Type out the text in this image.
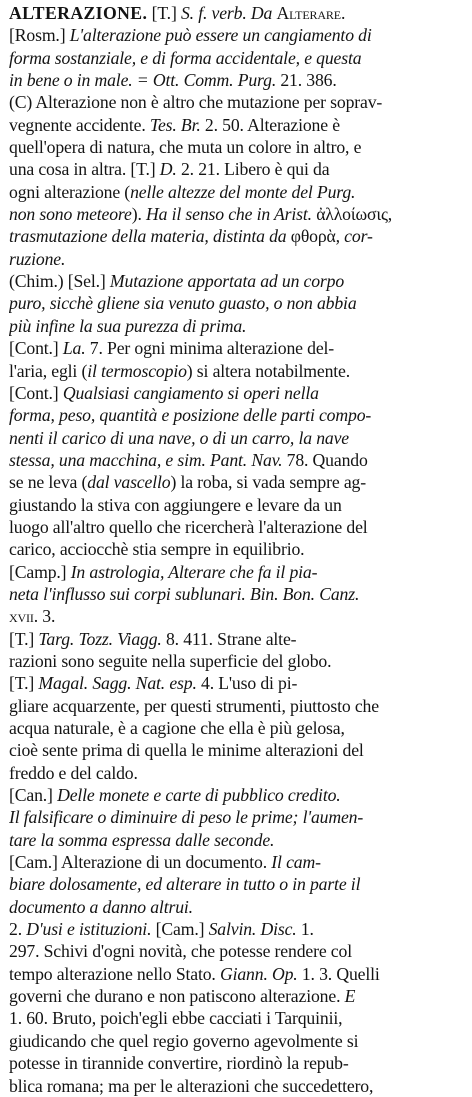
ALTERAZIONE. [T.] S. f. verb. Da Alterare.
[Rosm.] L'alterazione può essere un cangiamento di
forma sostanziale, e di forma accidentale, e questa
in bene o in male. = Ott. Comm. Purg. 21. 386.
(C) Alterazione non è altro che mutazione per soprav-
vegnente accidente. Tes. Br. 2. 50. Alterazione è
quell'opera di natura, che muta un colore in altro, e
una cosa in altra. [T.] D. 2. 21. Libero è qui da
ogni alterazione (nelle altezze del monte del Purg.
non sono meteore). Ha il senso che in Arist. ἀλλοίωσις,
trasmutazione della materia, distinta da φθορὰ, cor-
ruzione.
(Chim.) [Sel.] Mutazione apportata ad un corpo
puro, sicchè gliene sia venuto guasto, o non abbia
più infine la sua purezza di prima.
[Cont.] La. 7. Per ogni minima alterazione del-
l'aria, egli (il termoscopio) si altera notabilmente.
[Cont.] Qualsiasi cangiamento si operi nella
forma, peso, quantità e posizione delle parti compo-
nenti il carico di una nave, o di un carro, la nave
stessa, una macchina, e sim. Pant. Nav. 78. Quando
se ne leva (dal vascello) la roba, si vada sempre ag-
giustando la stiva con aggiungere e levare da un
luogo all'altro quello che ricercherà l'alterazione del
carico, acciocchè stia sempre in equilibrio.
[Camp.] In astrologia, Alterare che fa il pia-
neta l'influsso sui corpi sublunari. Bin. Bon. Canz.
xvii. 3.
[T.] Targ. Tozz. Viagg. 8. 411. Strane alte-
razioni sono seguite nella superficie del globo.
[T.] Magal. Sagg. Nat. esp. 4. L'uso di pi-
gliare acquarzente, per questi strumenti, piuttosto che
acqua naturale, è a cagione che ella è più gelosa,
cioè sente prima di quella le minime alterazioni del
freddo e del caldo.
[Can.] Delle monete e carte di pubblico credito.
Il falsificare o diminuire di peso le prime; l'aumen-
tare la somma espressa dalle seconde.
[Cam.] Alterazione di un documento. Il cam-
biare dolosamente, ed alterare in tutto o in parte il
documento a danno altrui.
2. D'usi e istituzioni. [Cam.] Salvin. Disc. 1.
297. Schivi d'ogni novità, che potesse rendere col
tempo alterazione nello Stato. Giann. Op. 1. 3. Quelli
governi che durano e non patiscono alterazione. E
1. 60. Bruto, poich'egli ebbe cacciati i Tarquinii,
giudicando che quel regio governo agevolmente si
potesse in tirannide convertire, riordinò la repub-
blica romana; ma per le alterazioni che succedettero,
